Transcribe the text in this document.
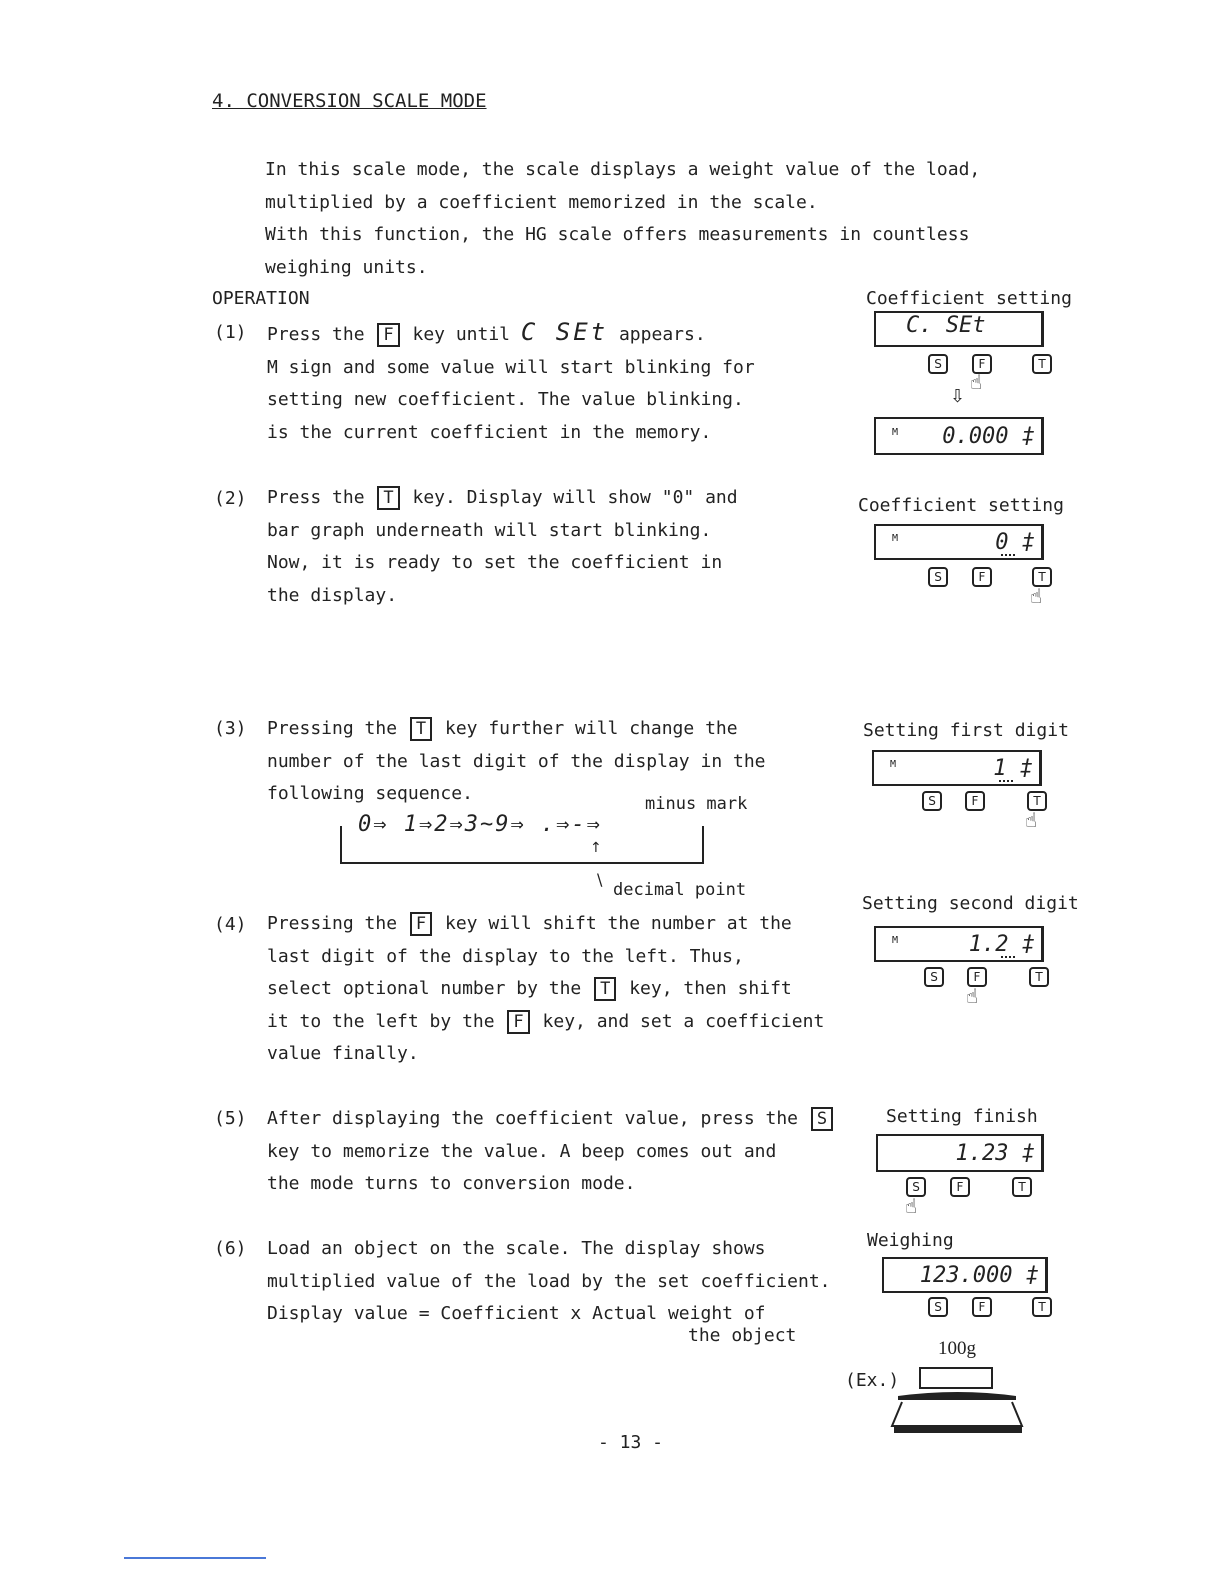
4. CONVERSION SCALE MODE
In this scale mode, the scale displays a weight value of the load,
multiplied by a coefficient memorized in the scale.
With this function, the HG scale offers measurements in countless
weighing units.
OPERATION
(1) Press the F key until C SEt appears.
M sign and some value will start blinking for
setting new coefficient. The value blinking.
is the current coefficient in the memory.
Coefficient setting
C. SEt
S	F	T
☝
⇩
M 0.000 ‡
(2) Press the T key. Display will show "0" and
bar graph underneath will start blinking.
Now, it is ready to set the coefficient in
the display.
Coefficient setting
M	0 ‡
S	F	T
☝
(3) Pressing the T key further will change the
number of the last digit of the display in the
following sequence.	minus mark
0⇒ 1⇒2⇒3~9⇒ .⇒-⇒
↑
\
decimal point
Setting first digit
M	1 ‡
S	F	T
☝
(4) Pressing the F key will shift the number at the
last digit of the display to the left. Thus,
select optional number by the T key, then shift
it to the left by the F key, and set a coefficient
value finally.
Setting second digit
M	1.2 ‡
S	F	T
☝
(5) After displaying the coefficient value, press the S
key to memorize the value. A beep comes out and
the mode turns to conversion mode.
Setting finish
1.23 ‡
S	F	T
☝
(6) Load an object on the scale. The display shows
multiplied value of the load by the set coefficient.
Display value = Coefficient x Actual weight of
the object
Weighing
123.000 ‡
S	F	T
100g
(Ex.)
- 13 -
